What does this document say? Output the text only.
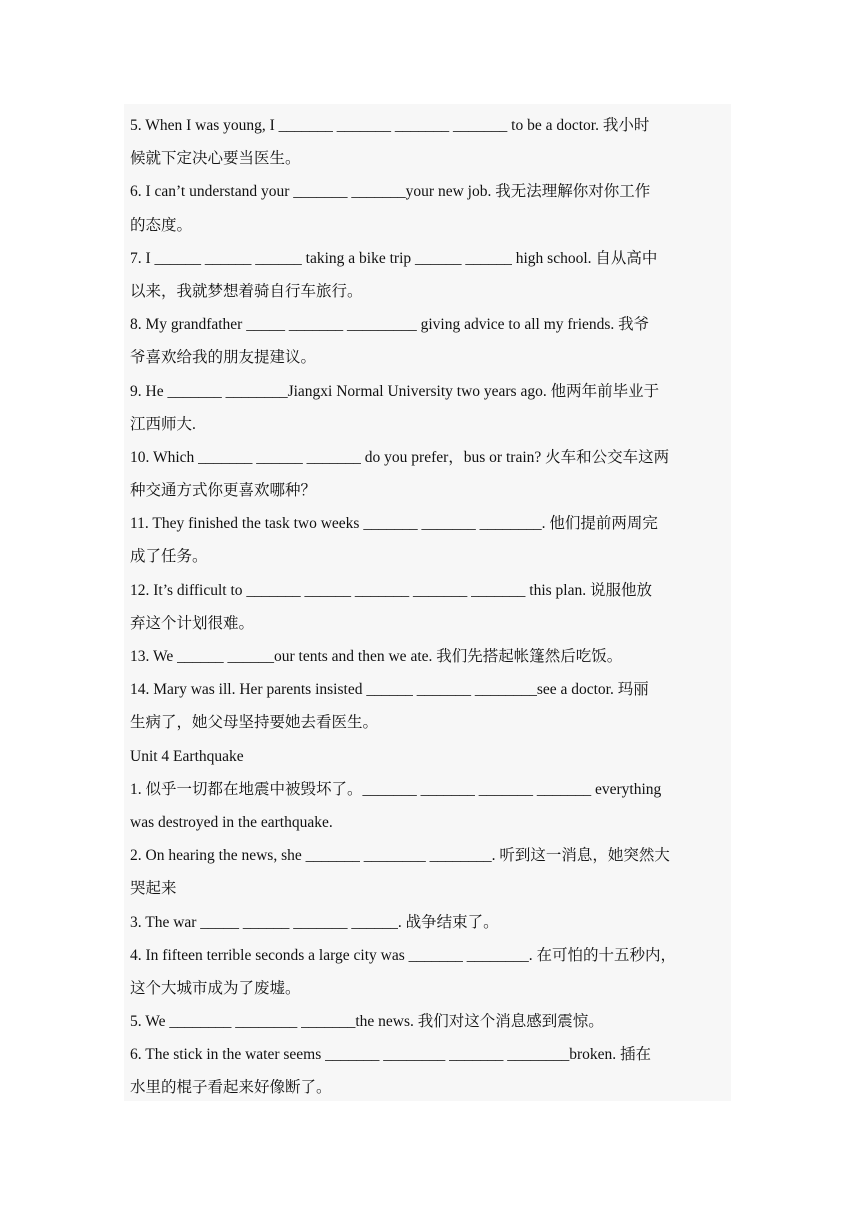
5. When I was young, I _______ _______ _______ _______ to be a doctor. 我小时
候就下定决心要当医生。
6. I can’t understand your _______ _______your new job. 我无法理解你对你工作
的态度。
7. I ______ ______ ______ taking a bike trip ______ ______ high school. 自从高中
以来，我就梦想着骑自行车旅行。
8. My grandfather _____ _______ _________ giving advice to all my friends. 我爷
爷喜欢给我的朋友提建议。
9. He _______ ________Jiangxi Normal University two years ago. 他两年前毕业于
江西师大.
10. Which _______ ______ _______ do you prefer，bus or train? 火车和公交车这两
种交通方式你更喜欢哪种？
11. They finished the task two weeks _______ _______ ________. 他们提前两周完
成了任务。
12. It’s difficult to _______ ______ _______ _______ _______ this plan. 说服他放
弃这个计划很难。
13. We ______ ______our tents and then we ate. 我们先搭起帐篷然后吃饭。
14. Mary was ill. Her parents insisted ______ _______ ________see a doctor. 玛丽
生病了，她父母坚持要她去看医生。
Unit 4 Earthquake
1. 似乎一切都在地震中被毁坏了。_______ _______ _______ _______ everything
was destroyed in the earthquake.
2. On hearing the news, she _______ ________ ________. 听到这一消息，她突然大
哭起来
3. The war _____ ______ _______ ______. 战争结束了。
4. In fifteen terrible seconds a large city was _______ ________. 在可怕的十五秒内，
这个大城市成为了废墟。
5. We ________ ________ _______the news. 我们对这个消息感到震惊。
6. The stick in the water seems _______ ________ _______ ________broken. 插在
水里的棍子看起来好像断了。
